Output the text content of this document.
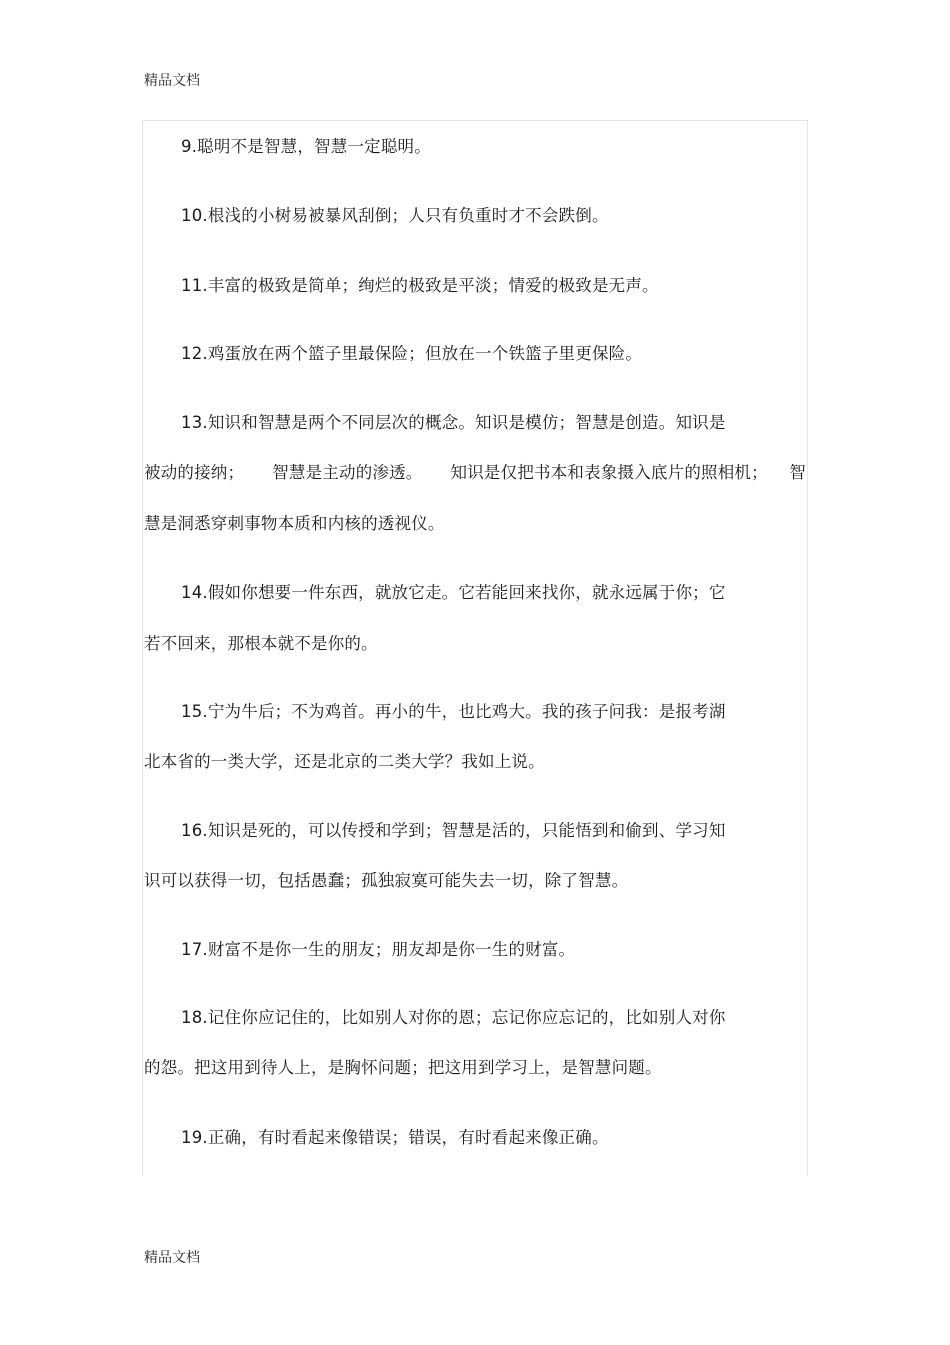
精品文档
9.聪明不是智慧，智慧一定聪明。
10.根浅的小树易被暴风刮倒；人只有负重时才不会跌倒。
11.丰富的极致是简单；绚烂的极致是平淡；情爱的极致是无声。
12.鸡蛋放在两个篮子里最保险；但放在一个铁篮子里更保险。
13.知识和智慧是两个不同层次的概念。知识是模仿；智慧是创造。知识是
被动的接纳； 智慧是主动的渗透。 知识是仅把书本和表象摄入底片的照相机； 智
慧是洞悉穿刺事物本质和内核的透视仪。
14.假如你想要一件东西，就放它走。它若能回来找你，就永远属于你；它
若不回来，那根本就不是你的。
15.宁为牛后；不为鸡首。再小的牛，也比鸡大。我的孩子问我：是报考湖
北本省的一类大学，还是北京的二类大学？我如上说。
16.知识是死的，可以传授和学到；智慧是活的，只能悟到和偷到、学习知
识可以获得一切，包括愚蠢；孤独寂寞可能失去一切，除了智慧。
17.财富不是你一生的朋友；朋友却是你一生的财富。
18.记住你应记住的，比如别人对你的恩；忘记你应忘记的，比如别人对你
的怨。把这用到待人上，是胸怀问题；把这用到学习上，是智慧问题。
19.正确，有时看起来像错误；错误，有时看起来像正确。
精品文档
